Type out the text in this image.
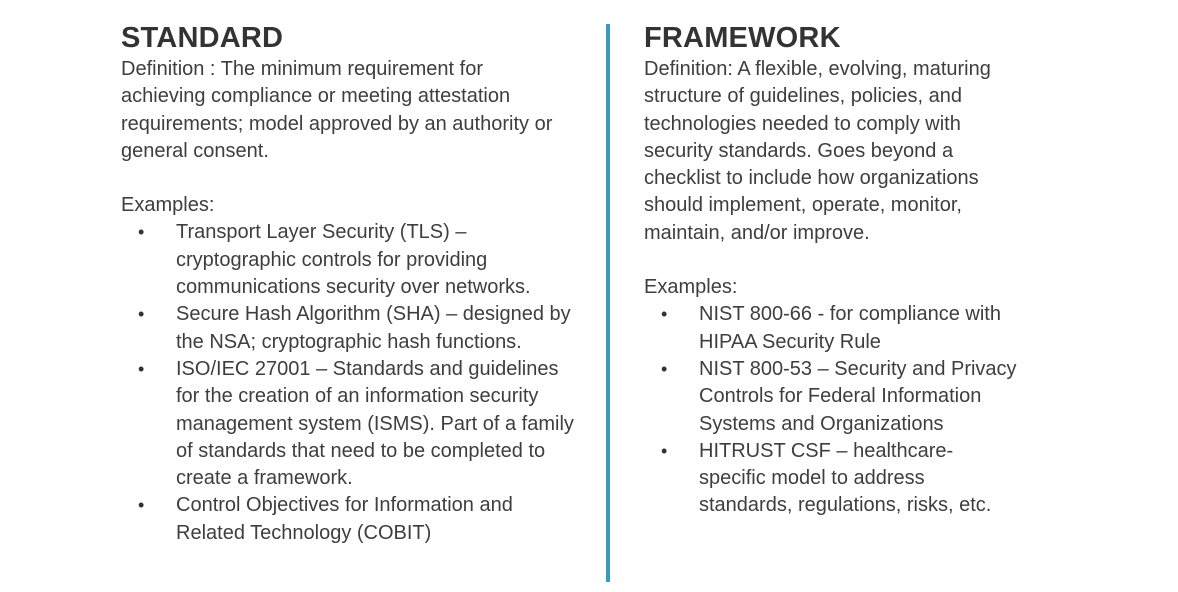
STANDARD

Definition : The minimum requirement for achieving compliance or meeting attestation requirements; model approved by an authority or general consent.

Examples:

• Transport Layer Security (TLS) – cryptographic controls for providing communications security over networks.
• Secure Hash Algorithm (SHA) – designed by the NSA; cryptographic hash functions.
• ISO/IEC 27001 – Standards and guidelines for the creation of an information security management system (ISMS). Part of a family of standards that need to be completed to create a framework.
• Control Objectives for Information and Related Technology (COBIT)
FRAMEWORK

Definition: A flexible, evolving, maturing structure of guidelines, policies, and technologies needed to comply with security standards. Goes beyond a checklist to include how organizations should implement, operate, monitor, maintain, and/or improve.

Examples:

• NIST 800-66 - for compliance with HIPAA Security Rule
• NIST 800-53 – Security and Privacy Controls for Federal Information Systems and Organizations
• HITRUST CSF – healthcare-specific model to address standards, regulations, risks, etc.
